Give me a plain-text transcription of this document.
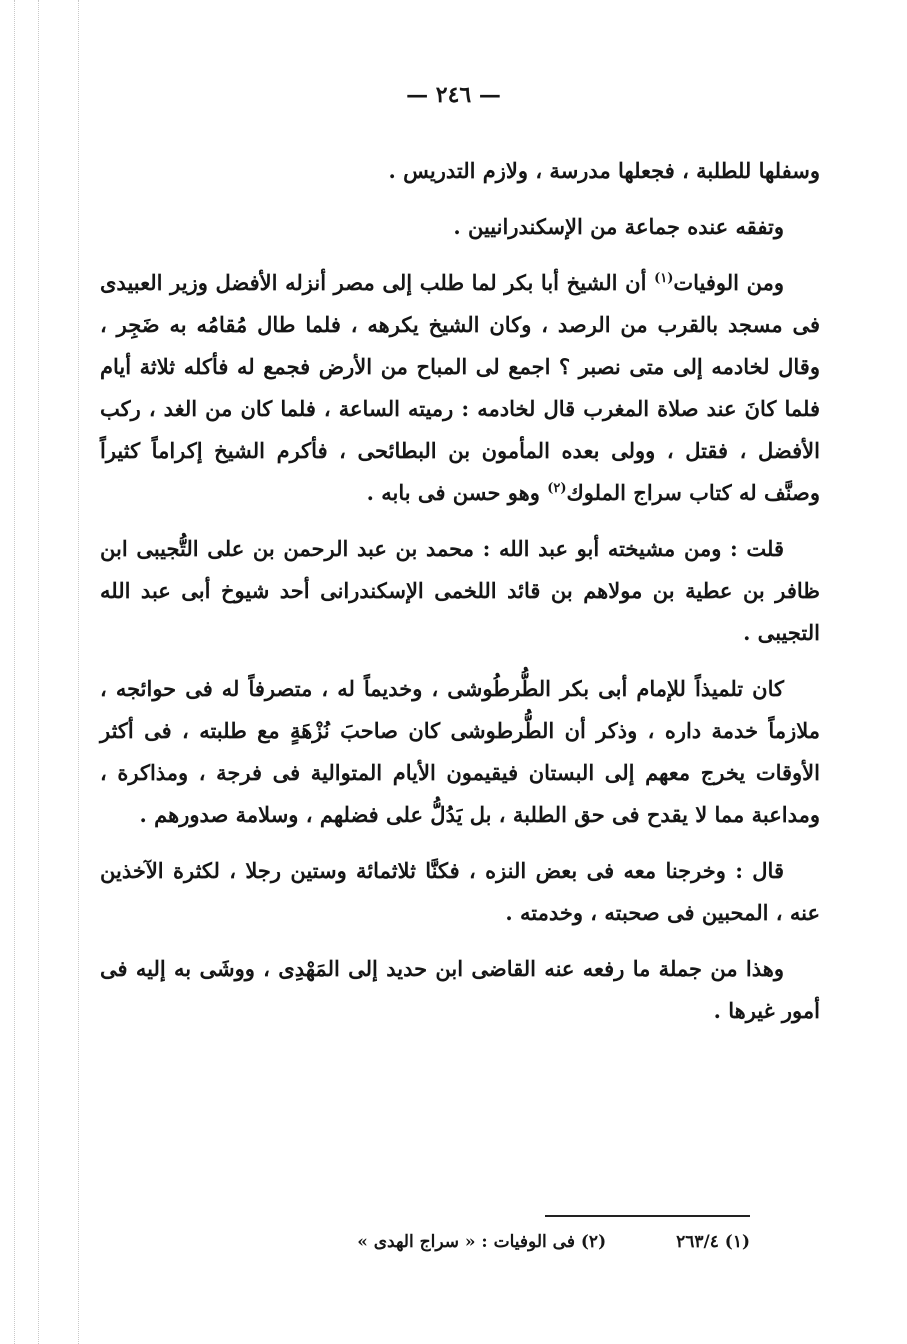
— ٢٤٦ —

وسفلها للطلبة ، فجعلها مدرسة ، ولازم التدريس .

وتفقه عنده جماعة من الإسكندرانيين .

ومن الوفيات$^{(١)}$ أن الشيخ أبا بكر لما طلب إلى مصر أنزله الأفضل وزير العبيدى فى مسجد بالقرب من الرصد ، وكان الشيخ يكرهه ، فلما طال مُقامُه به ضَجِر ، وقال لخادمه إلى متى نصبر ؟ اجمع لى المباح من الأرض فجمع له فأكله ثلاثة أيام فلما كانَ عند صلاة المغرب قال لخادمه : رميته الساعة ، فلما كان من الغد ، ركب الأفضل ، فقتل ، وولى بعده المأمون بن البطائحى ، فأكرم الشيخ إكراماً كثيراً وصنَّف له كتاب سراج الملوك$^{(٢)}$ وهو حسن فى بابه .

قلت : ومن مشيخته أبو عبد الله : محمد بن عبد الرحمن بن على التُّجيبى ابن ظافر بن عطية بن مولاهم بن قائد اللخمى الإسكندرانى أحد شيوخ أبى عبد الله التجيبى .

كان تلميذاً للإمام أبى بكر الطُّرطُوشى ، وخديماً له ، متصرفاً له فى حوائجه ، ملازماً خدمة داره ، وذكر أن الطُّرطوشى كان صاحبَ نُزْهَةٍ مع طلبته ، فى أكثر الأوقات يخرج معهم إلى البستان فيقيمون الأيام المتوالية فى فرجة ، ومذاكرة ، ومداعبة مما لا يقدح فى حق الطلبة ، بل يَدُلُّ على فضلهم ، وسلامة صدورهم .

قال : وخرجنا معه فى بعض النزه ، فكنَّا ثلاثمائة وستين رجلا ، لكثرة الآخذين عنه ، المحبين فى صحبته ، وخدمته .

وهذا من جملة ما رفعه عنه القاضى ابن حديد إلى المَهْدِى ، ووشَى به إليه فى أمور غيرها .

(١) ٢٦٣/٤
(٢) فى الوفيات : « سراج الهدى »
